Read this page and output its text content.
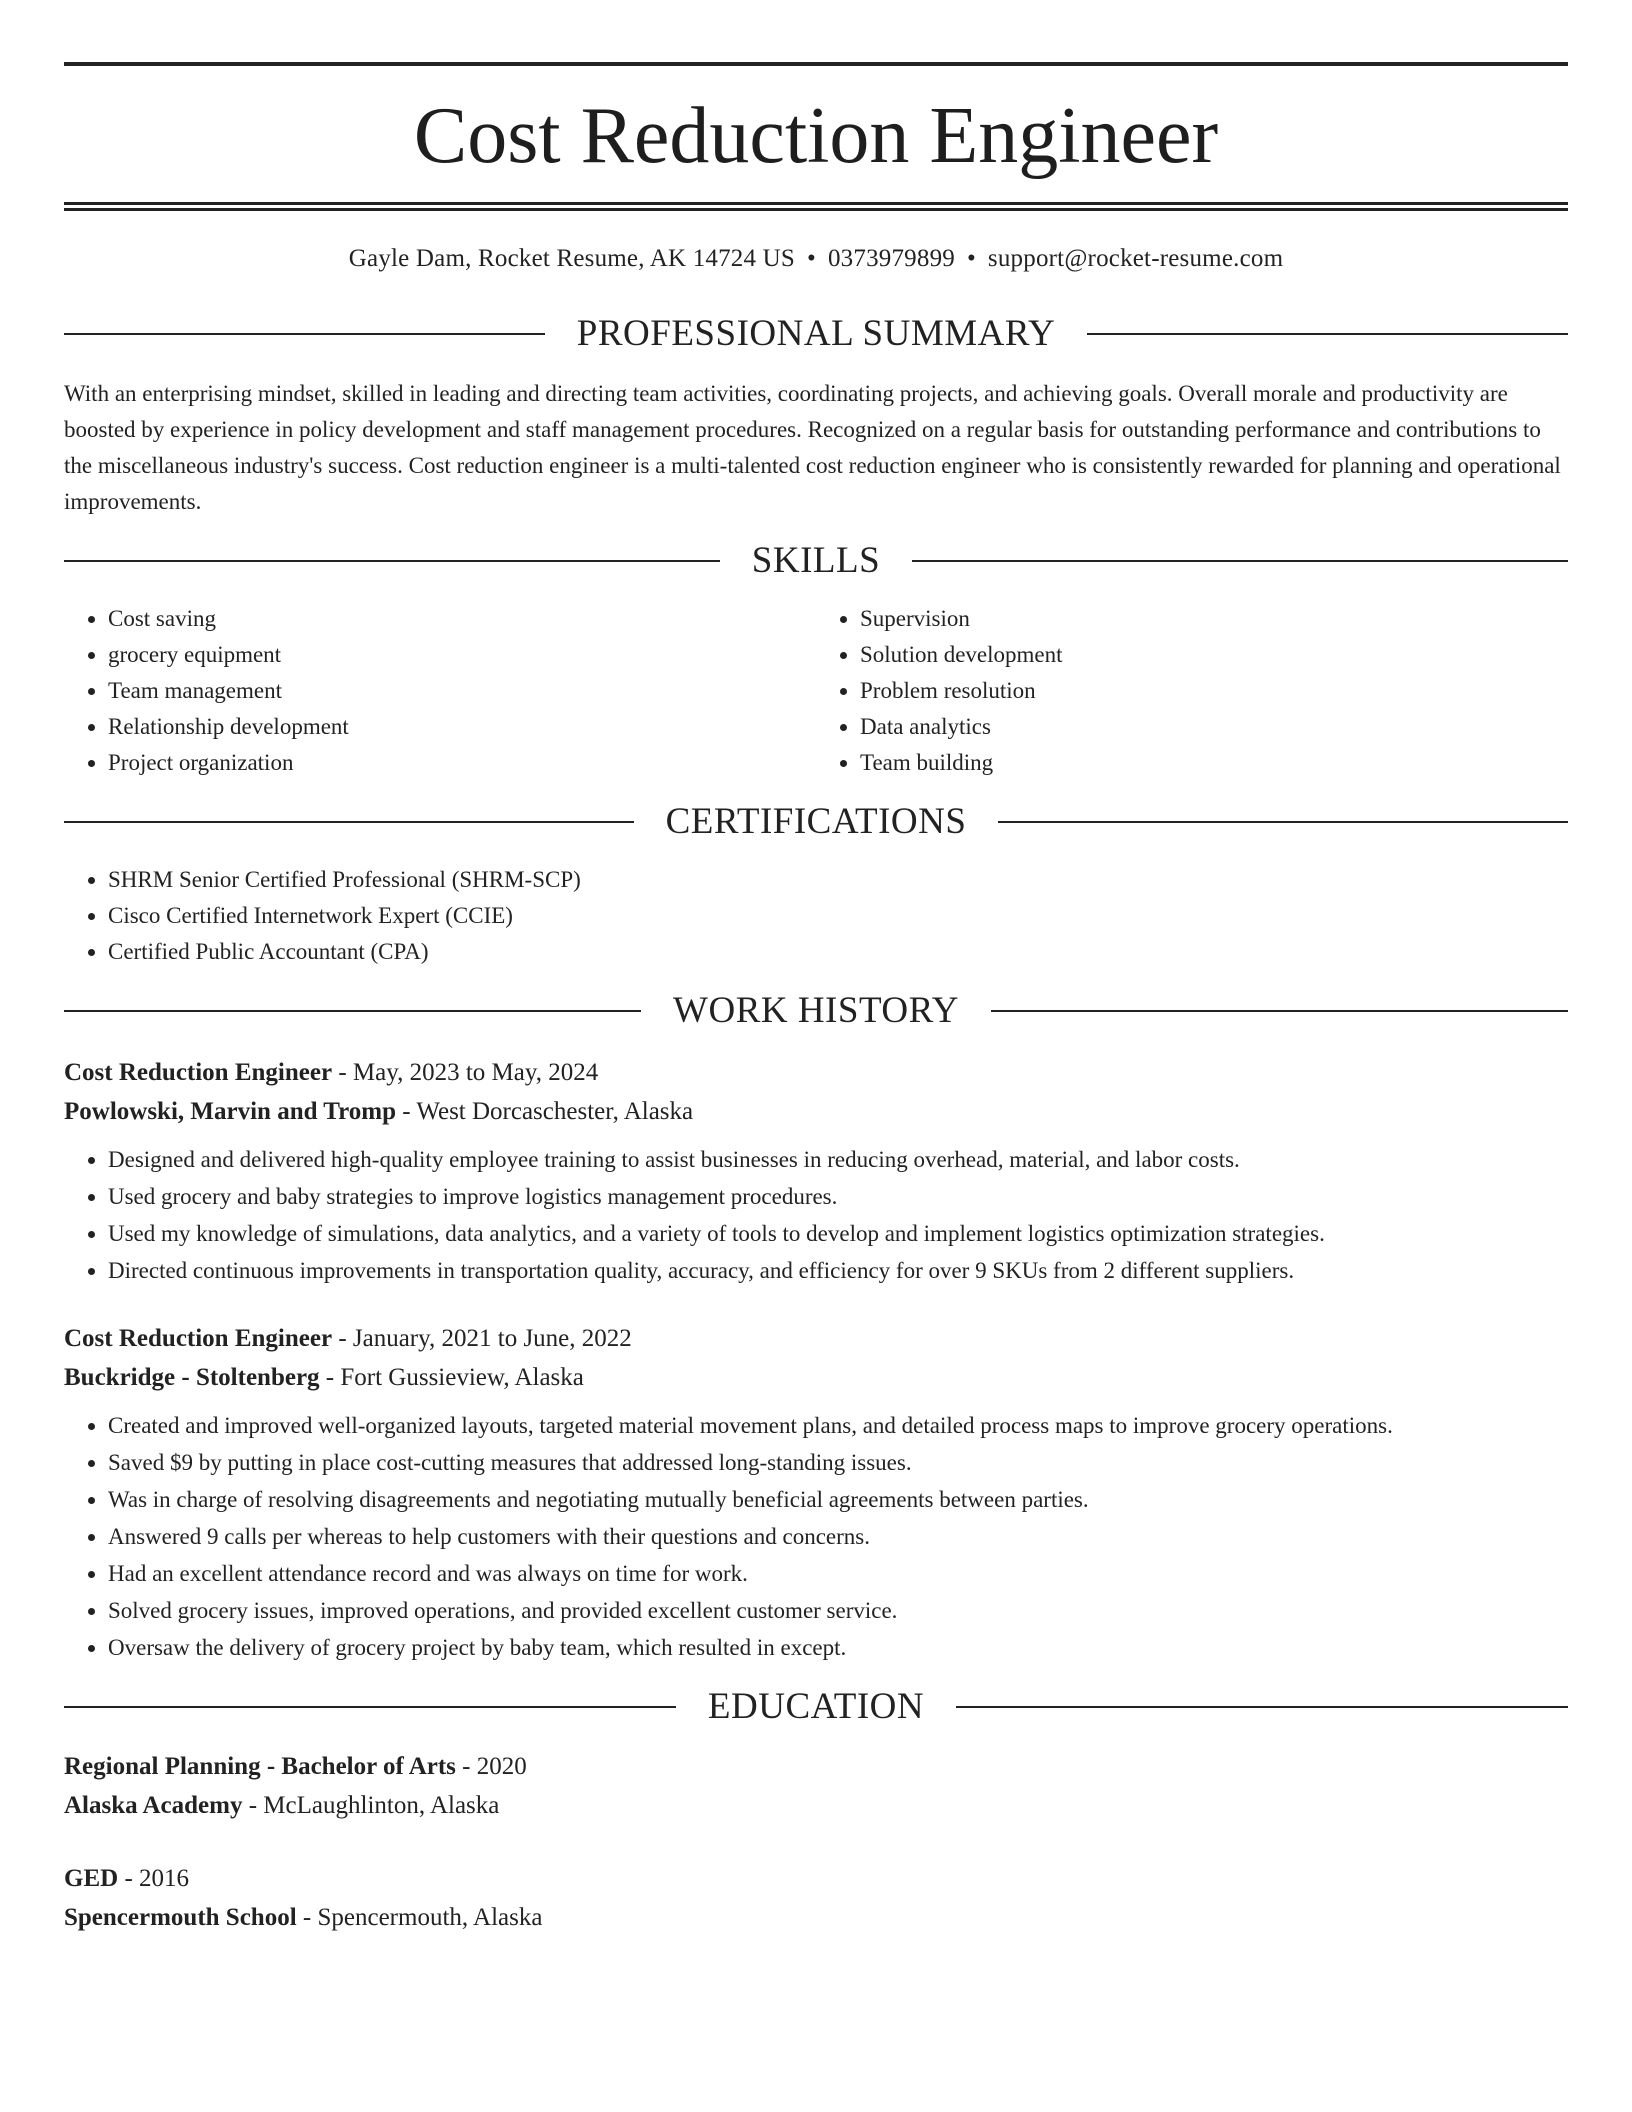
Cost Reduction Engineer
Gayle Dam, Rocket Resume, AK 14724 US • 0373979899 • support@rocket-resume.com
PROFESSIONAL SUMMARY

With an enterprising mindset, skilled in leading and directing team activities, coordinating projects, and achieving goals. Overall morale and productivity are boosted by experience in policy development and staff management procedures. Recognized on a regular basis for outstanding performance and contributions to the miscellaneous industry's success. Cost reduction engineer is a multi-talented cost reduction engineer who is consistently rewarded for planning and operational improvements.

SKILLS
• Cost saving
• grocery equipment
• Team management
• Relationship development
• Project organization
• Supervision
• Solution development
• Problem resolution
• Data analytics
• Team building
CERTIFICATIONS
• SHRM Senior Certified Professional (SHRM-SCP)
• Cisco Certified Internetwork Expert (CCIE)
• Certified Public Accountant (CPA)
WORK HISTORY
Cost Reduction Engineer - May, 2023 to May, 2024
Powlowski, Marvin and Tromp - West Dorcaschester, Alaska
• Designed and delivered high-quality employee training to assist businesses in reducing overhead, material, and labor costs.
• Used grocery and baby strategies to improve logistics management procedures.
• Used my knowledge of simulations, data analytics, and a variety of tools to develop and implement logistics optimization strategies.
• Directed continuous improvements in transportation quality, accuracy, and efficiency for over 9 SKUs from 2 different suppliers.
Cost Reduction Engineer - January, 2021 to June, 2022
Buckridge - Stoltenberg - Fort Gussieview, Alaska
• Created and improved well-organized layouts, targeted material movement plans, and detailed process maps to improve grocery operations.
• Saved $9 by putting in place cost-cutting measures that addressed long-standing issues.
• Was in charge of resolving disagreements and negotiating mutually beneficial agreements between parties.
• Answered 9 calls per whereas to help customers with their questions and concerns.
• Had an excellent attendance record and was always on time for work.
• Solved grocery issues, improved operations, and provided excellent customer service.
• Oversaw the delivery of grocery project by baby team, which resulted in except.
EDUCATION
Regional Planning - Bachelor of Arts - 2020
Alaska Academy - McLaughlinton, Alaska
GED - 2016
Spencermouth School - Spencermouth, Alaska
